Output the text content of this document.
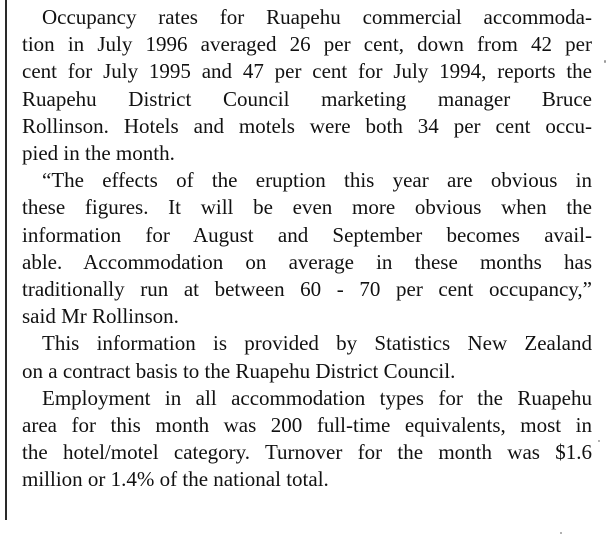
Occupancy rates for Ruapehu commercial accommoda-
tion in July 1996 averaged 26 per cent, down from 42 per
cent for July 1995 and 47 per cent for July 1994, reports the
Ruapehu District Council marketing manager Bruce
Rollinson. Hotels and motels were both 34 per cent occu-
pied in the month.

“The effects of the eruption this year are obvious in
these figures. It will be even more obvious when the
information for August and September becomes avail-
able. Accommodation on average in these months has
traditionally run at between 60 - 70 per cent occupancy,”
said Mr Rollinson.

This information is provided by Statistics New Zealand
on a contract basis to the Ruapehu District Council.

Employment in all accommodation types for the Ruapehu
area for this month was 200 full-time equivalents, most in
the hotel/motel category. Turnover for the month was $1.6
million or 1.4% of the national total.
